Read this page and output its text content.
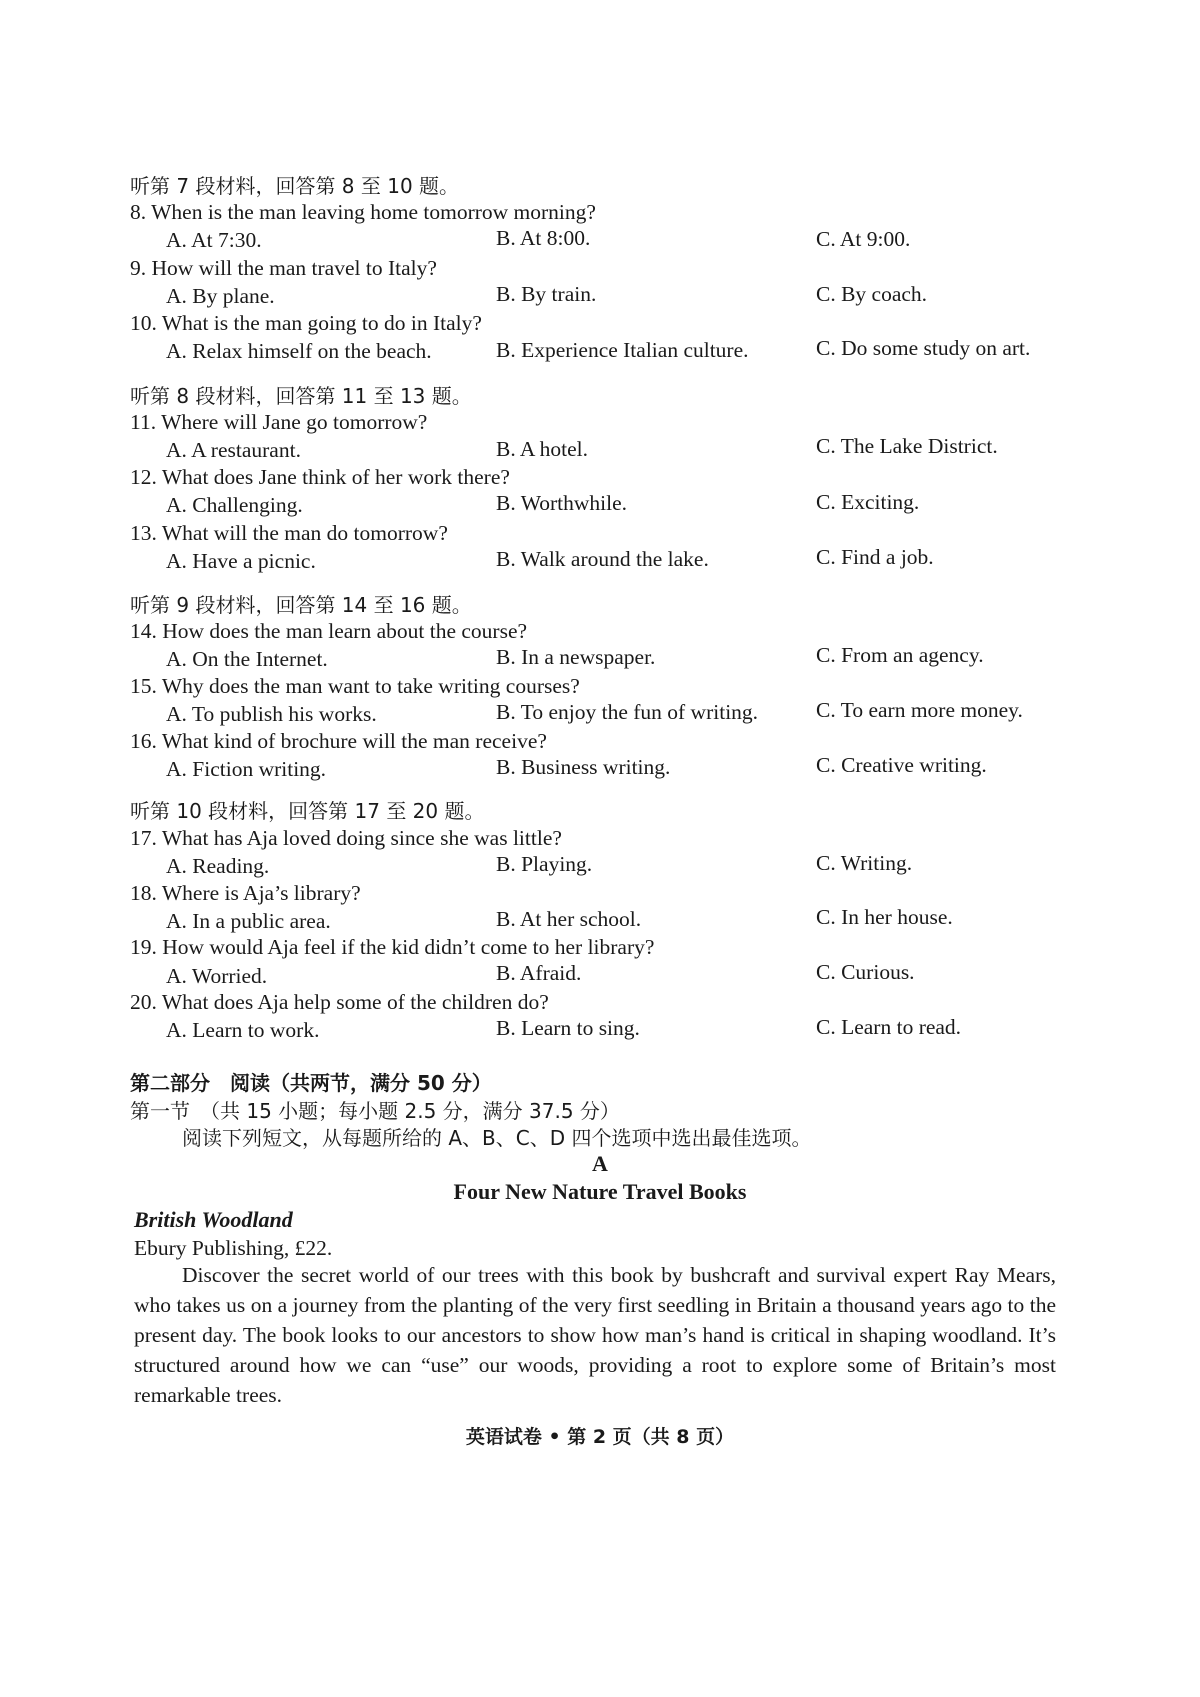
听第 7 段材料，回答第 8 至 10 题。
8. When is the man leaving home tomorrow morning?
A. At 7:30.	B. At 8:00.	C. At 9:00.
9. How will the man travel to Italy?
A. By plane.	B. By train.	C. By coach.
10. What is the man going to do in Italy?
A. Relax himself on the beach.	B. Experience Italian culture.	C. Do some study on art.
听第 8 段材料，回答第 11 至 13 题。
11. Where will Jane go tomorrow?
A. A restaurant.	B. A hotel.	C. The Lake District.
12. What does Jane think of her work there?
A. Challenging.	B. Worthwhile.	C. Exciting.
13. What will the man do tomorrow?
A. Have a picnic.	B. Walk around the lake.	C. Find a job.
听第 9 段材料，回答第 14 至 16 题。
14. How does the man learn about the course?
A. On the Internet.	B. In a newspaper.	C. From an agency.
15. Why does the man want to take writing courses?
A. To publish his works.	B. To enjoy the fun of writing.	C. To earn more money.
16. What kind of brochure will the man receive?
A. Fiction writing.	B. Business writing.	C. Creative writing.
听第 10 段材料，回答第 17 至 20 题。
17. What has Aja loved doing since she was little?
A. Reading.	B. Playing.	C. Writing.
18. Where is Aja’s library?
A. In a public area.	B. At her school.	C. In her house.
19. How would Aja feel if the kid didn’t come to her library?
A. Worried.	B. Afraid.	C. Curious.
20. What does Aja help some of the children do?
A. Learn to work.	B. Learn to sing.	C. Learn to read.
第二部分　阅读（共两节，满分 50 分）
第一节　（共 15 小题；每小题 2.5 分，满分 37.5 分）
阅读下列短文，从每题所给的 A、B、C、D 四个选项中选出最佳选项。
A
Four New Nature Travel Books
British Woodland
Ebury Publishing, £22.
Discover the secret world of our trees with this book by bushcraft and survival expert Ray Mears, who takes us on a journey from the planting of the very first seedling in Britain a thousand years ago to the present day. The book looks to our ancestors to show how man’s hand is critical in shaping woodland. It’s structured around how we can “use” our woods, providing a root to explore some of Britain’s most remarkable trees.
英语试卷 • 第 2 页（共 8 页）
